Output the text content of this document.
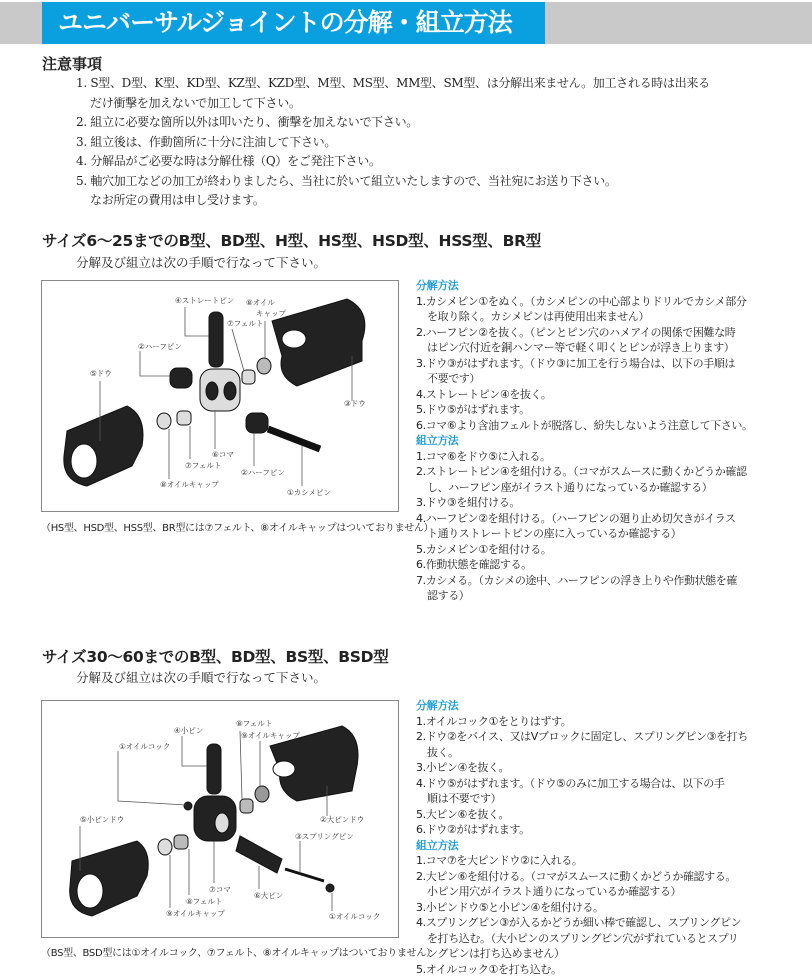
ユニバーサルジョイントの分解・組立方法
注意事項
1. S型、D型、K型、KD型、KZ型、KZD型、M型、MS型、MM型、SM型、は分解出来ません。加工される時は出来る
だけ衝撃を加えないで加工して下さい。
2. 組立に必要な箇所以外は叩いたり、衝撃を加えないで下さい。
3. 組立後は、作動箇所に十分に注油して下さい。
4. 分解品がご必要な時は分解仕様（Q）をご発注下さい。
5. 軸穴加工などの加工が終わりましたら、当社に於いて組立いたしますので、当社宛にお送り下さい。
なお所定の費用は申し受けます。
サイズ6～25までのB型、BD型、H型、HS型、HSD型、HSS型、BR型
分解及び組立は次の手順で行なって下さい。
④ストレートピン ⑧オイル
キャップ
⑦フェルト
②ハーフピン
⑤ドウ
③ドウ
⑥コマ
⑦フェルト
②ハーフピン
⑧オイルキャップ
①カシメピン
（HS型、HSD型、HSS型、BR型には⑦フェルト、⑧オイルキャップはついておりません）
分解方法
1.カシメピン①をぬく。（カシメピンの中心部よりドリルでカシメ部分
を取り除く。カシメピンは再使用出来ません）
2.ハーフピン②を抜く。（ピンとピン穴のハメアイの関係で困難な時
はピン穴付近を銅ハンマー等で軽く叩くとピンが浮き上ります）
3.ドウ③がはずれます。（ドウ③に加工を行う場合は、以下の手順は
不要です）
4.ストレートピン④を抜く。
5.ドウ⑤がはずれます。
6.コマ⑥より含油フェルトが脱落し、紛失しないよう注意して下さい。
組立方法
1.コマ⑥をドウ⑤に入れる。
2.ストレートピン④を組付ける。（コマがスムースに動くかどうか確認
し、ハーフピン座がイラスト通りになっているか確認する）
3.ドウ③を組付ける。
4.ハーフピン②を組付ける。（ハーフピンの廻り止め切欠きがイラス
ト通りストレートピンの座に入っているか確認する）
5.カシメピン①を組付ける。
6.作動状態を確認する。
7.カシメる。（カシメの途中、ハーフピンの浮き上りや作動状態を確
認する）
サイズ30～60までのB型、BD型、BS型、BSD型
分解及び組立は次の手順で行なって下さい。
④小ピン
⑧フェルト
⑨オイルキャップ
①オイルコック
⑤小ピンドウ	②大ピンドウ
③スプリングピン
⑦コマ
⑥大ピン
⑧フェルト
⑨オイルキャップ	①オイルコック
（BS型、BSD型には①オイルコック、⑦フェルト、⑧オイルキャップはついておりません）
分解方法
1.オイルコック①をとりはずす。
2.ドウ②をバイス、又はVブロックに固定し、スプリングピン③を打ち
抜く。
3.小ピン④を抜く。
4.ドウ⑤がはずれます。（ドウ⑤のみに加工する場合は、以下の手
順は不要です）
5.大ピン⑥を抜く。
6.ドウ②がはずれます。
組立方法
1.コマ⑦を大ピンドウ②に入れる。
2.大ピン⑥を組付ける。（コマがスムースに動くかどうか確認する。
小ピン用穴がイラスト通りになっているか確認する）
3.小ピンドウ⑤と小ピン④を組付ける。
4.スプリングピン③が入るかどうか細い棒で確認し、スプリングピン
を打ち込む。（大小ピンのスプリングピン穴がずれているとスプリ
ングピンは打ち込めません）
5.オイルコック①を打ち込む。
